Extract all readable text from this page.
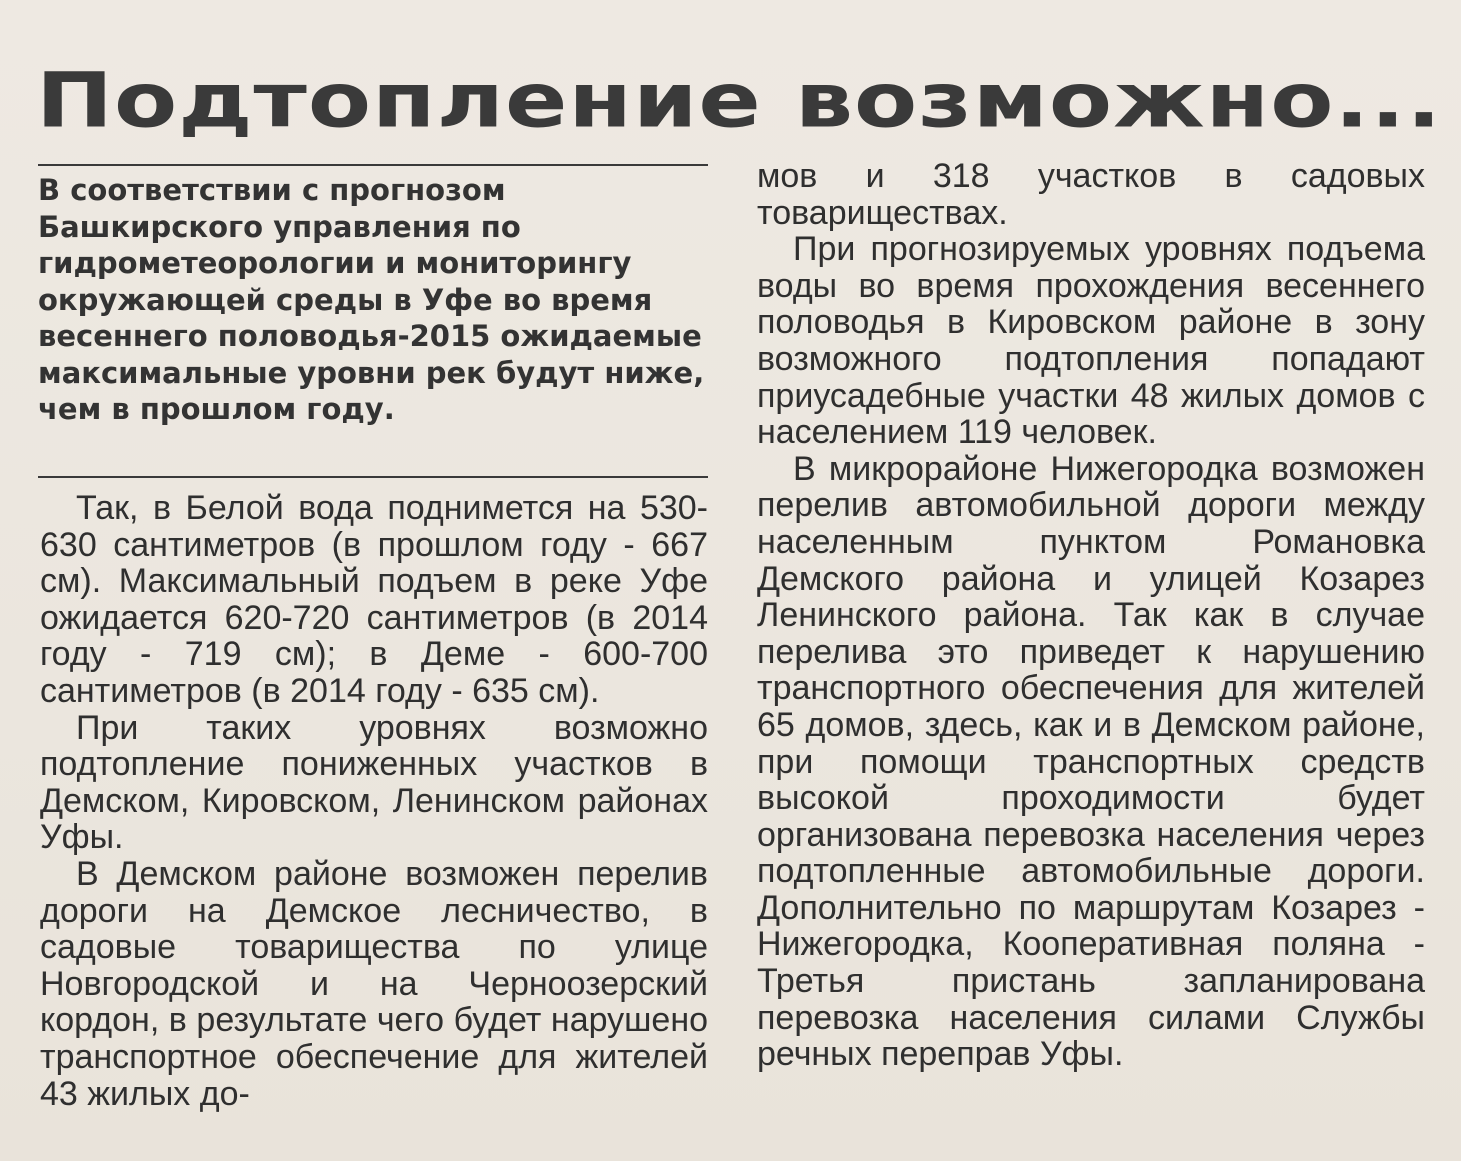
Подтопление возможно...

В соответствии с прогнозом Башкирского управления по гидрометеорологии и мониторингу окружающей среды в Уфе во время весеннего половодья-2015 ожидаемые максимальные уровни рек будут ниже, чем в прошлом году.

Так, в Белой вода поднимется на 530-630 сантиметров (в прошлом году - 667 см). Максимальный подъем в реке Уфе ожидается 620-720 сантиметров (в 2014 году - 719 см); в Деме - 600-700 сантиметров (в 2014 году - 635 см).

При таких уровнях возможно подтопление пониженных участков в Демском, Кировском, Ленинском районах Уфы.

В Демском районе возможен перелив дороги на Демское лесничество, в садовые товарищества по улице Новгородской и на Черноозерский кордон, в результате чего будет нарушено транспортное обеспечение для жителей 43 жилых до-

мов и 318 участков в садовых товариществах.

При прогнозируемых уровнях подъема воды во время прохождения весеннего половодья в Кировском районе в зону возможного подтопления попадают приусадебные участки 48 жилых домов с населением 119 человек.

В микрорайоне Нижегородка возможен перелив автомобильной дороги между населенным пунктом Романовка Демского района и улицей Козарез Ленинского района. Так как в случае перелива это приведет к нарушению транспортного обеспечения для жителей 65 домов, здесь, как и в Демском районе, при помощи транспортных средств высокой проходимости будет организована перевозка населения через подтопленные автомобильные дороги. Дополнительно по маршрутам Козарез - Нижегородка, Кооперативная поляна - Третья пристань запланирована перевозка населения силами Службы речных переправ Уфы.
